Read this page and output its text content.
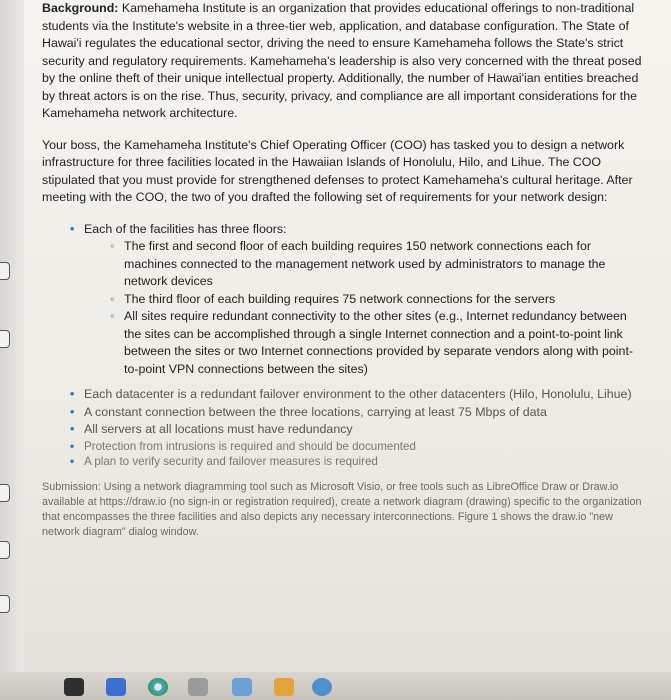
Background: Kamehameha Institute is an organization that provides educational offerings to non-traditional students via the Institute's website in a three-tier web, application, and database configuration. The State of Hawai'i regulates the educational sector, driving the need to ensure Kamehameha follows the State's strict security and regulatory requirements. Kamehameha's leadership is also very concerned with the threat posed by the online theft of their unique intellectual property. Additionally, the number of Hawai'ian entities breached by threat actors is on the rise. Thus, security, privacy, and compliance are all important considerations for the Kamehameha network architecture.

Your boss, the Kamehameha Institute's Chief Operating Officer (COO) has tasked you to design a network infrastructure for three facilities located in the Hawaiian Islands of Honolulu, Hilo, and Lihue. The COO stipulated that you must provide for strengthened defenses to protect Kamehameha's cultural heritage. After meeting with the COO, the two of you drafted the following set of requirements for your network design:

• Each of the facilities has three floors:
◦ The first and second floor of each building requires 150 network connections each for machines connected to the management network used by administrators to manage the network devices
◦ The third floor of each building requires 75 network connections for the servers
◦ All sites require redundant connectivity to the other sites (e.g., Internet redundancy between the sites can be accomplished through a single Internet connection and a point-to-point link between the sites or two Internet connections provided by separate vendors along with point-to-point VPN connections between the sites)
• Each datacenter is a redundant failover environment to the other datacenters (Hilo, Honolulu, Lihue)
• A constant connection between the three locations, carrying at least 75 Mbps of data
• All servers at all locations must have redundancy
• Protection from intrusions is required and should be documented
• A plan to verify security and failover measures is required

Submission: Using a network diagramming tool such as Microsoft Visio, or free tools such as LibreOffice Draw or Draw.io available at https://draw.io (no sign-in or registration required), create a network diagram (drawing) specific to the organization that encompasses the three facilities and also depicts any necessary interconnections. Figure 1 shows the draw.io "new network diagram" dialog window.
